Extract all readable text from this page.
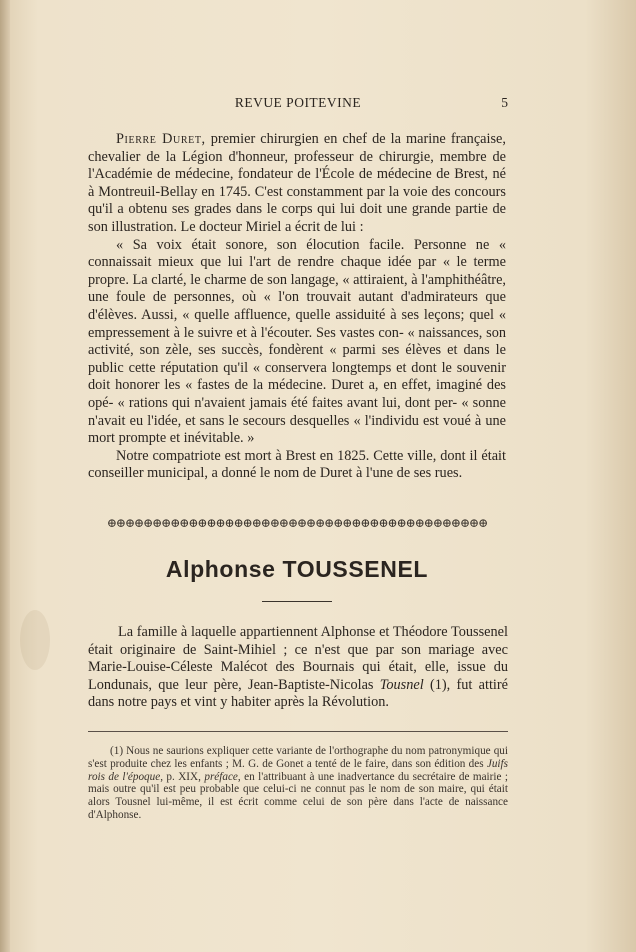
REVUE POITEVINE	5

Pierre Duret, premier chirurgien en chef de la marine française, chevalier de la Légion d'honneur, professeur de chirurgie, membre de l'Académie de médecine, fondateur de l'École de médecine de Brest, né à Montreuil-Bellay en 1745. C'est constamment par la voie des concours qu'il a obtenu ses grades dans le corps qui lui doit une grande partie de son illustration. Le docteur Miriel a écrit de lui :

« Sa voix était sonore, son élocution facile. Personne ne « connaissait mieux que lui l'art de rendre chaque idée par « le terme propre. La clarté, le charme de son langage, « attiraient, à l'amphithéâtre, une foule de personnes, où « l'on trouvait autant d'admirateurs que d'élèves. Aussi, « quelle affluence, quelle assiduité à ses leçons; quel « empressement à le suivre et à l'écouter. Ses vastes con- « naissances, son activité, son zèle, ses succès, fondèrent « parmi ses élèves et dans le public cette réputation qu'il « conservera longtemps et dont le souvenir doit honorer les « fastes de la médecine. Duret a, en effet, imaginé des opé- « rations qui n'avaient jamais été faites avant lui, dont per- « sonne n'avait eu l'idée, et sans le secours desquelles « l'individu est voué à une mort prompte et inévitable. »

Notre compatriote est mort à Brest en 1825. Cette ville, dont il était conseiller municipal, a donné le nom de Duret à l'une de ses rues.

⊕⊕⊕⊕⊕⊕⊕⊕⊕⊕⊕⊕⊕⊕⊕⊕⊕⊕⊕⊕⊕⊕⊕⊕⊕⊕⊕⊕⊕⊕⊕⊕⊕⊕⊕⊕⊕⊕⊕⊕⊕⊕
Alphonse TOUSSENEL

La famille à laquelle appartiennent Alphonse et Théodore Toussenel était originaire de Saint-Mihiel ; ce n'est que par son mariage avec Marie-Louise-Céleste Malécot des Bournais qui était, elle, issue du Londunais, que leur père, Jean-Baptiste-Nicolas Tousnel (1), fut attiré dans notre pays et vint y habiter après la Révolution.

(1) Nous ne saurions expliquer cette variante de l'orthographe du nom patronymique qui s'est produite chez les enfants ; M. G. de Gonet a tenté de le faire, dans son édition des Juifs rois de l'époque, p. XIX, préface, en l'attribuant à une inadvertance du secrétaire de mairie ; mais outre qu'il est peu probable que celui-ci ne connut pas le nom de son maire, qui était alors Tousnel lui-même, il est écrit comme celui de son père dans l'acte de naissance d'Alphonse.
